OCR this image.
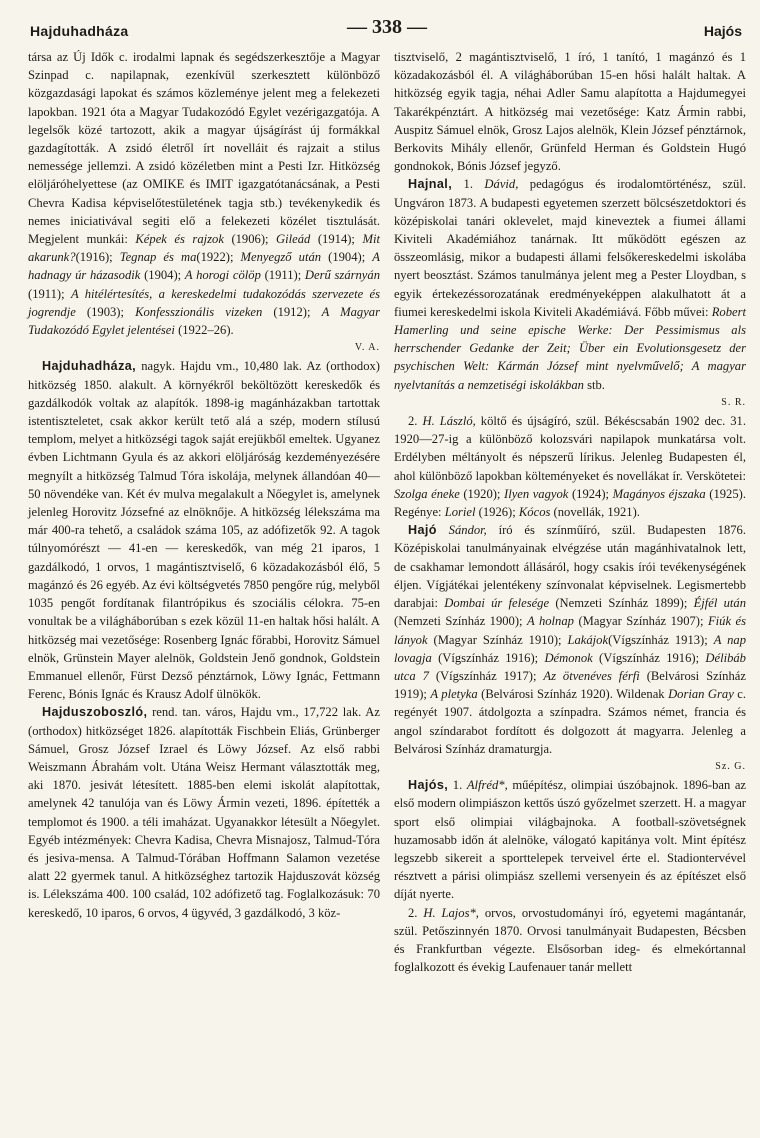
Hajduhadháza	— 338 —	Hajós

társa az Új Idők c. irodalmi lapnak és segédszerkesztője a Magyar Szinpad c. napilapnak, ezenkívül szerkesztett különböző közgazdasági lapokat és számos közleménye jelent meg a felekezeti lapokban. 1921 óta a Magyar Tudakozódó Egylet vezérigazgatója. A legelsők közé tartozott, akik a magyar újságírást új formákkal gazdagították. A zsidó életről írt novelláit és rajzait a stilus nemessége jellemzi. A zsidó közéletben mint a Pesti Izr. Hitközség elöljáróhelyettese (az OMIKE és IMIT igazgatótanácsának, a Pesti Chevra Kadisa képviselőtestületének tagja stb.) tevékenykedik és nemes iniciativával segiti elő a felekezeti közélet tisztulását. Megjelent munkái: Képek és rajzok (1906); Gileád (1914); Mit akarunk?(1916); Tegnap és ma(1922); Menyegző után (1904); A hadnagy úr házasodik (1904); A horogi cölöp (1911); Derű szárnyán (1911); A hitélértesítés, a kereskedelmi tudakozódás szervezete és jogrendje (1903); Konfesszionális vizeken (1912); A Magyar Tudakozódó Egylet jelentései (1922–26).

V. A.

Hajduhadháza, nagyk. Hajdu vm., 10,480 lak. Az (orthodox) hitközség 1850. alakult. A környékről beköltözött kereskedők és gazdálkodók voltak az alapítók. 1898-ig magánházakban tartottak istentiszteletet, csak akkor került tető alá a szép, modern stílusú templom, melyet a hitközségi tagok saját erejükből emeltek. Ugyanez évben Lichtmann Gyula és az akkori elöljáróság kezdeményezésére megnyílt a hitközség Talmud Tóra iskolája, melynek állandóan 40—50 növendéke van. Két év mulva megalakult a Nőegylet is, amelynek jelenleg Horovitz Józsefné az elnöknője. A hitközség lélekszáma ma már 400-ra tehető, a családok száma 105, az adófizetők 92. A tagok túlnyomórészt — 41-en — kereskedők, van még 21 iparos, 1 gazdálkodó, 1 orvos, 1 magántisztviselő, 6 közadakozásból élő, 5 magánzó és 26 egyéb. Az évi költségvetés 7850 pengőre rúg, melyből 1035 pengőt fordítanak filantrópikus és szociális célokra. 75-en vonultak be a világháborúban s ezek közül 11-en haltak hősi halált. A hitközség mai vezetősége: Rosenberg Ignác főrabbi, Horovitz Sámuel elnök, Grünstein Mayer alelnök, Goldstein Jenő gondnok, Goldstein Emmanuel ellenőr, Fürst Dezső pénztárnok, Löwy Ignác, Fettmann Ferenc, Bónis Ignác és Krausz Adolf ülnökök.

Hajduszoboszló, rend. tan. város, Hajdu vm., 17,722 lak. Az (orthodox) hitközséget 1826. alapították Fischbein Eliás, Grünberger Sámuel, Grosz József Izrael és Löwy József. Az első rabbi Weiszmann Ábrahám volt. Utána Weisz Hermant választották meg, aki 1870. jesivát létesített. 1885-ben elemi iskolát alapítottak, amelynek 42 tanulója van és Löwy Ármin vezeti, 1896. építették a templomot és 1900. a téli imaházat. Ugyanakkor létesült a Nőegylet. Egyéb intézmények: Chevra Kadisa, Chevra Misnajosz, Talmud-Tóra és jesiva-mensa. A Talmud-Tórában Hoffmann Salamon vezetése alatt 22 gyermek tanul. A hitközséghez tartozik Hajduszovát község is. Lélekszáma 400. 100 család, 102 adófizető tag. Foglalkozásuk: 70 kereskedő, 10 iparos, 6 orvos, 4 ügyvéd, 3 gazdálkodó, 3 köz-

tisztviselő, 2 magántisztviselő, 1 író, 1 tanító, 1 magánzó és 1 közadakozásból él. A világháborúban 15-en hősi halált haltak. A hitközség egyik tagja, néhai Adler Samu alapította a Hajdumegyei Takarékpénztárt. A hitközség mai vezetősége: Katz Ármin rabbi, Auspitz Sámuel elnök, Grosz Lajos alelnök, Klein József pénztárnok, Berkovits Mihály ellenőr, Grünfeld Herman és Goldstein Hugó gondnokok, Bónis József jegyző.

Hajnal, 1. Dávid, pedagógus és irodalomtörténész, szül. Ungváron 1873. A budapesti egyetemen szerzett bölcsészetdoktori és középiskolai tanári oklevelet, majd kineveztek a fiumei állami Kiviteli Akadémiához tanárnak. Itt működött egészen az összeomlásig, mikor a budapesti állami felsőkereskedelmi iskolába nyert beosztást. Számos tanulmánya jelent meg a Pester Lloydban, s egyik értekezéssorozatának eredményeképpen alakulhatott át a fiumei kereskedelmi iskola Kiviteli Akadémiává. Főbb művei: Robert Hamerling und seine epische Werke: Der Pessimismus als herrschender Gedanke der Zeit; Über ein Evolutionsgesetz der psychischen Welt: Kármán József mint nyelvművelő; A magyar nyelvtanítás a nemzetiségi iskolákban stb.

S. R.

2. H. László, költő és újságíró, szül. Békéscsabán 1902 dec. 31. 1920—27-ig a különböző kolozsvári napilapok munkatársa volt. Erdélyben méltányolt és népszerű lírikus. Jelenleg Budapesten él, ahol különböző lapokban költeményeket és novellákat ír. Verskötetei: Szolga éneke (1920); Ilyen vagyok (1924); Magányos éjszaka (1925). Regénye: Loriel (1926); Kócos (novellák, 1921).

Hajó Sándor, író és színműíró, szül. Budapesten 1876. Középiskolai tanulmányainak elvégzése után magánhivatalnok lett, de csakhamar lemondott állásáról, hogy csakis írói tevékenységének éljen. Vígjátékai jelentékeny színvonalat képviselnek. Legismertebb darabjai: Dombai úr felesége (Nemzeti Színház 1899); Éjfél után (Nemzeti Színház 1900); A holnap (Magyar Színház 1907); Fiúk és lányok (Magyar Színház 1910); Lakájok(Vígszínház 1913); A nap lovagja (Vígszínház 1916); Démonok (Vígszínház 1916); Délibáb utca 7 (Vígszínház 1917); Az ötvenéves férfi (Belvárosi Színház 1919); A pletyka (Belvárosi Színház 1920). Wildenak Dorian Gray c. regényét 1907. átdolgozta a színpadra. Számos német, francia és angol színdarabot fordított és dolgozott át magyarra. Jelenleg a Belvárosi Színház dramaturgja.

Sz. G.

Hajós, 1. Alfréd*, műépítész, olimpiai úszóbajnok. 1896-ban az első modern olimpiászon kettős úszó győzelmet szerzett. H. a magyar sport első olimpiai világbajnoka. A football-szövetségnek huzamosabb időn át alelnöke, válogató kapitánya volt. Mint építész legszebb sikereit a sporttelepek terveivel érte el. Stadiontervével résztvett a párisi olimpiász szellemi versenyein és az építészet első díját nyerte.

2. H. Lajos*, orvos, orvostudományi író, egyetemi magántanár, szül. Petőszinnyén 1870. Orvosi tanulmányait Budapesten, Bécsben és Frankfurtban végezte. Elsősorban ideg- és elmekórtannal foglalkozott és évekig Laufenauer tanár mellett
